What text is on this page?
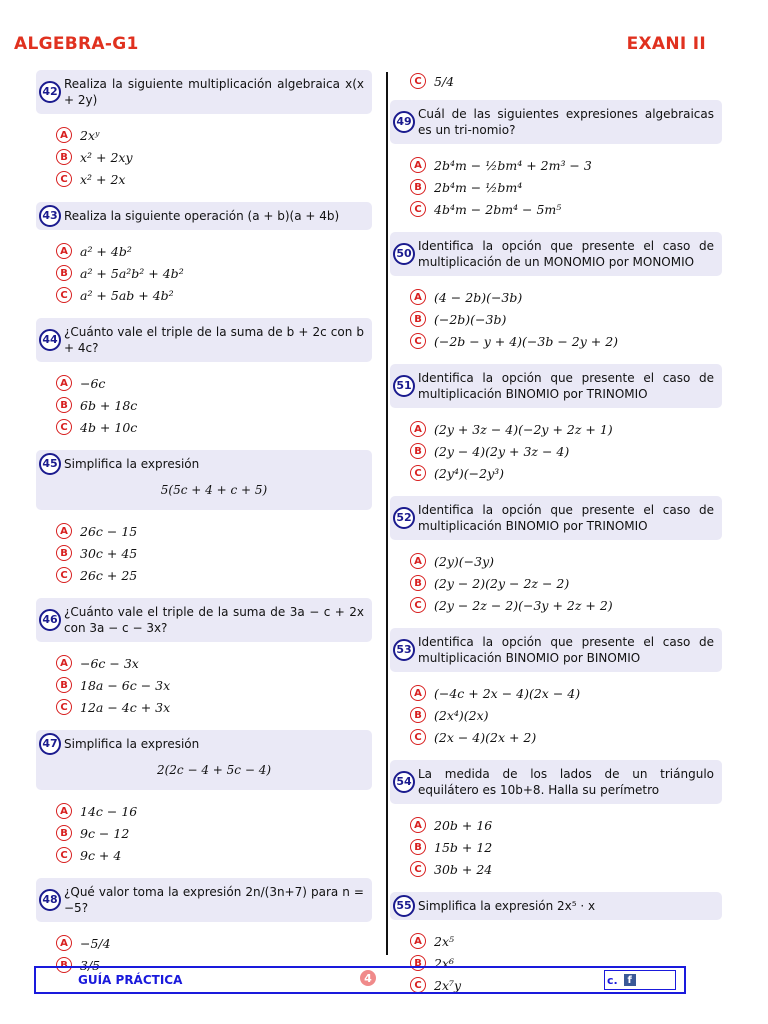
ALGEBRA-G1	EXANI II
42
Realiza la siguiente multiplicación algebraica x(x + 2y)
A 2xʸ
B x² + 2xy
C x² + 2x
43 Realiza la siguiente operación (a + b)(a + 4b)
A a² + 4b²
B a² + 5a²b² + 4b²
C a² + 5ab + 4b²
44
¿Cuánto vale el triple de la suma de b + 2c con b + 4c?
A −6c
B 6b + 18c
C 4b + 10c
45 Simplifica la expresión
5(5c + 4 + c + 5)
A 26c − 15
B 30c + 45
C 26c + 25
46
¿Cuánto vale el triple de la suma de 3a − c + 2x con 3a − c − 3x?
A −6c − 3x
B 18a − 6c − 3x
C 12a − 4c + 3x
47 Simplifica la expresión
2(2c − 4 + 5c − 4)
A 14c − 16
B 9c − 12
C 9c + 4
48
¿Qué valor toma la expresión 2n/(3n+7) para n = −5?
A −5/4
B 3/5
C 5/4
49
Cuál de las siguientes expresiones algebraicas es un tri-nomio?
A 2b⁴m − ½bm⁴ + 2m³ − 3
B 2b⁴m − ½bm⁴
C 4b⁴m − 2bm⁴ − 5m⁵
50
Identifica la opción que presente el caso de multiplicación de un MONOMIO por MONOMIO
A (4 − 2b)(−3b)
B (−2b)(−3b)
C (−2b − y + 4)(−3b − 2y + 2)
51
Identifica la opción que presente el caso de multiplicación BINOMIO por TRINOMIO
A (2y + 3z − 4)(−2y + 2z + 1)
B (2y − 4)(2y + 3z − 4)
C (2y⁴)(−2y³)
52
Identifica la opción que presente el caso de multiplicación BINOMIO por TRINOMIO
A (2y)(−3y)
B (2y − 2)(2y − 2z − 2)
C (2y − 2z − 2)(−3y + 2z + 2)
53
Identifica la opción que presente el caso de multiplicación BINOMIO por BINOMIO
A (−4c + 2x − 4)(2x − 4)
B (2x⁴)(2x)
C (2x − 4)(2x + 2)
54
La medida de los lados de un triángulo equilátero es 10b+8. Halla su perímetro
A 20b + 16
B 15b + 12
C 30b + 24
55 Simplifica la expresión 2x⁵ · x
A 2x⁵
B 2x⁶
C 2x⁷y
GUÍA PRÁCTICA	4	c. f
